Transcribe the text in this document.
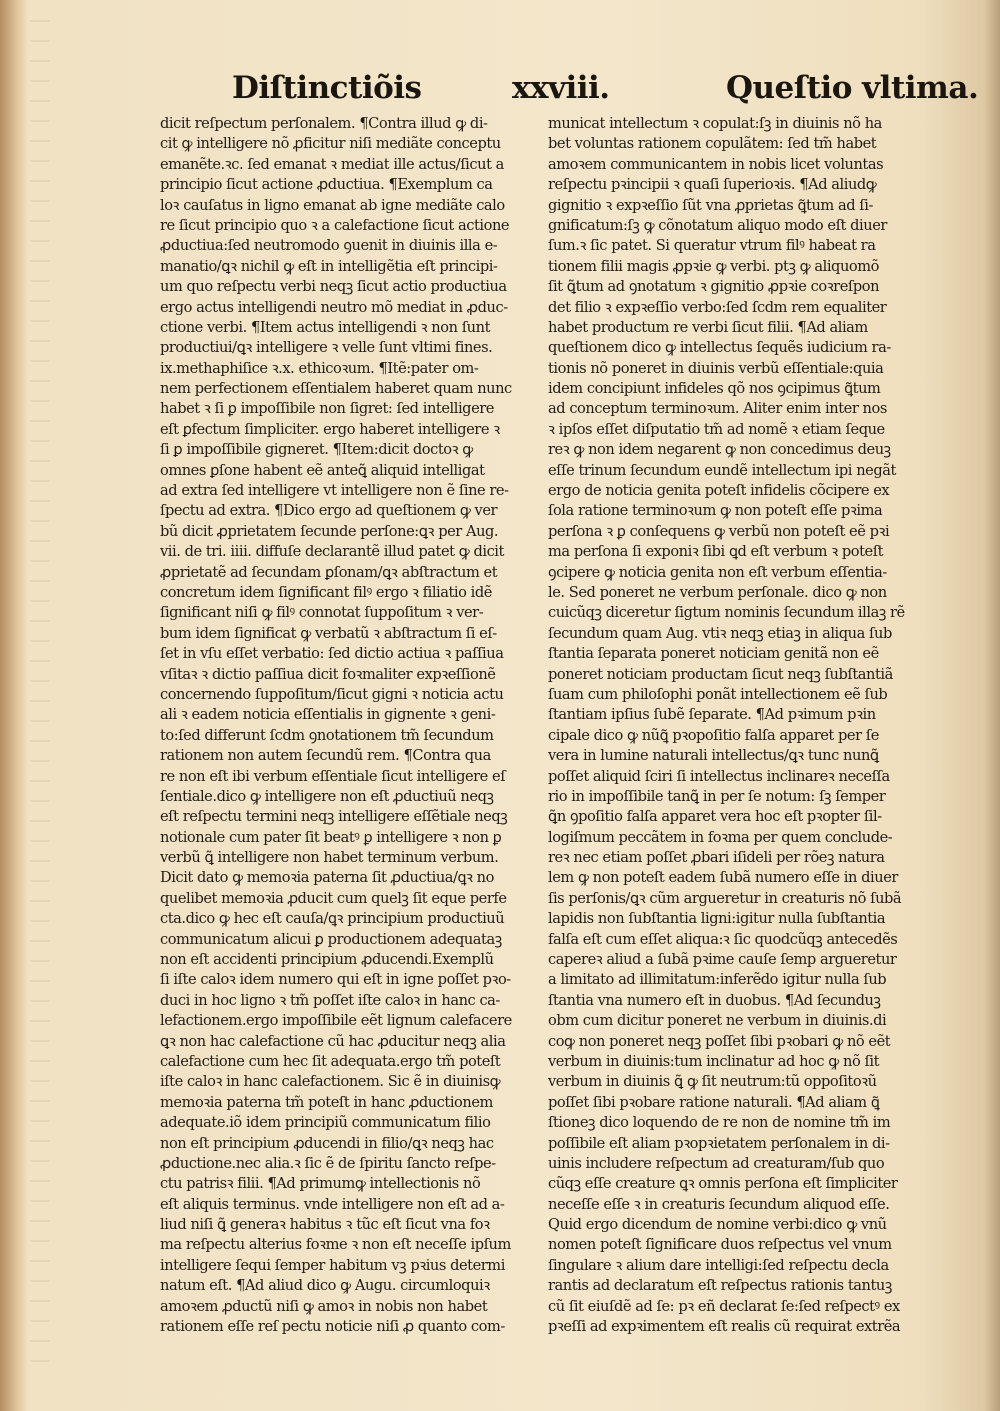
Diſtinctiõis	xxviii.	Queſtio vltima.
dicit reſpectum perſonalem. ¶Contra illud ꝙ di-
cit ꝙ intelligere nõ ꝓficitur niſi mediãte conceptu
emanẽte.ꝛc. ſed emanat ꝛ mediat ille actus/ſicut a
principio ſicut actione ꝓductiua. ¶Exemplum ca
loꝛ cauſatus in ligno emanat ab igne mediãte calo
re ſicut principio quo ꝛ a calefactione ſicut actione
ꝓductiua:ſed neutromodo ꝯuenit in diuinis illa e-
manatio/ꝗꝛ nichil ꝙ eſt in intelligẽtia eſt principi-
um quo reſpectu verbi neqꝫ ſicut actio productiua
ergo actus intelligendi neutro mõ mediat in ꝓduc-
ctione verbi. ¶Item actus intelligendi ꝛ non ſunt
productiui/ꝗꝛ intelligere ꝛ velle ſunt vltimi fines.
ix.methaphiſice ꝛ.x. ethicoꝛum. ¶Itẽ:pater om-
nem perfectionem eſſentialem haberet quam nunc
habet ꝛ ſi ꝑ impoſſibile non ſigret: ſed intelligere
eſt ꝑfectum ſimpliciter. ergo haberet intelligere ꝛ
ſi ꝑ impoſſibile gigneret. ¶Item:dicit doctoꝛ ꝙ
omnes ꝑſone habent eẽ anteꝗ̃ aliquid intelligat
ad extra ſed intelligere vt intelligere non ẽ ſine re-
ſpectu ad extra. ¶Dico ergo ad queſtionem ꝙ ver
bũ dicit ꝓprietatem ſecunde perſone:ꝗꝛ per Aug.
vii. de tri. iiii. diffuſe declarantẽ illud patet ꝙ dicit
ꝓprietatẽ ad ſecundam ꝑſonam/ꝗꝛ abſtractum et
concretum idem ſignificant filꝰ ergo ꝛ filiatio idẽ
ſignificant niſi ꝙ filꝰ connotat ſuppoſitum ꝛ ver-
bum idem ſignificat ꝙ verbatũ ꝛ abſtractum ſi eſ-
ſet in vſu eſſet verbatio: ſed dictio actiua ꝛ paſſiua
vſitaꝛ ꝛ dictio paſſiua dicit foꝛmaliter expꝛeſſionẽ
concernendo ſuppoſitum/ſicut gigni ꝛ noticia actu
ali ꝛ eadem noticia eſſentialis in gignente ꝛ geni-
to:ſed differunt ſcdm ꝯnotationem tm̃ ſecundum
rationem non autem ſecundũ rem. ¶Contra qua
re non eſt ibi verbum eſſentiale ſicut intelligere eſ
ſentiale.dico ꝙ intelligere non eſt ꝓductiuũ neqꝫ
eſt reſpectu termini neqꝫ intelligere eſſẽtiale neqꝫ
notionale cum pater ſit beatꝰ ꝑ intelligere ꝛ non ꝑ
verbũ ꝗ̃ intelligere non habet terminum verbum.
Dicit dato ꝙ memoꝛia paterna ſit ꝓductiua/ꝗꝛ no
quelibet memoꝛia ꝓducit cum quelꝫ ſit eque perfe
cta.dico ꝙ hec eſt cauſa/ꝗꝛ principium productiuũ
communicatum alicui ꝑ productionem adequataꝫ
non eſt accidenti principium ꝓducendi.Exemplũ
ſi iſte caloꝛ idem numero qui eſt in igne poſſet pꝛo-
duci in hoc ligno ꝛ tm̃ poſſet iſte caloꝛ in hanc ca-
lefactionem.ergo impoſſibile eẽt lignum calefacere
ꝗꝛ non hac calefactione cũ hac ꝓducitur neqꝫ alia
calefactione cum hec ſit adequata.ergo tm̃ poteſt
iſte caloꝛ in hanc calefactionem. Sic ẽ in diuinisꝙ
memoꝛia paterna tm̃ poteſt in hanc ꝓductionem
adequate.iõ idem principiũ communicatum filio
non eſt principium ꝓducendi in filio/ꝗꝛ neqꝫ hac
ꝓductione.nec alia.ꝛ ſic ẽ de ſpiritu ſancto reſpe-
ctu patrisꝛ filii. ¶Ad primumꝙ intellectionis nõ
eſt aliquis terminus. vnde intelligere non eſt ad a-
liud niſi ꝗ̃ generaꝛ habitus ꝛ tũc eſt ſicut vna foꝛ
ma reſpectu alterius foꝛme ꝛ non eſt neceſſe ipſum
intelligere ſequi ſemper habitum vꝫ pꝛius determi
natum eſt. ¶Ad aliud dico ꝙ Augu. circumloquiꝛ
amoꝛem ꝓductũ niſi ꝙ amoꝛ in nobis non habet
rationem eſſe reſ pectu noticie niſi ꝓ quanto com-
municat intellectum ꝛ copulat:ſꝫ in diuinis nõ ha
bet voluntas rationem copulãtem: ſed tm̃ habet
amoꝛem communicantem in nobis licet voluntas
reſpectu pꝛincipii ꝛ quaſi ſuperioꝛis. ¶Ad aliudꝙ
gignitio ꝛ expꝛeſſio ſũt vna ꝓprietas ꝗ̃tum ad ſi-
gnificatum:ſꝫ ꝙ cõnotatum aliquo modo eſt diuer
ſum.ꝛ ſic patet. Si queratur vtrum filꝰ habeat ra
tionem filii magis ꝓpꝛie ꝙ verbi. ptꝫ ꝙ aliquomõ
ſit ꝗ̃tum ad ꝯnotatum ꝛ gignitio ꝓpꝛie coꝛreſpon
det filio ꝛ expꝛeſſio verbo:ſed ſcdm rem equaliter
habet productum re verbi ſicut filii. ¶Ad aliam
queſtionem dico ꝙ intellectus ſequẽs iudicium ra-
tionis nõ poneret in diuinis verbũ eſſentiale:quia
idem concipiunt infideles qõ nos ꝯcipimus ꝗ̃tum
ad conceptum terminoꝛum. Aliter enim inter nos
ꝛ ipſos eſſet diſputatio tm̃ ad nomẽ ꝛ etiam ſeque
reꝛ ꝙ non idem negarent ꝙ non concedimus deuꝫ
eſſe trinum ſecundum eundẽ intellectum ipi negãt
ergo de noticia genita poteſt infidelis cõcipere ex
ſola ratione terminoꝛum ꝙ non poteſt eſſe pꝛima
perſona ꝛ ꝑ conſequens ꝙ verbũ non poteſt eẽ pꝛi
ma perſona ſi exponiꝛ ſibi ꝗd eſt verbum ꝛ poteſt
ꝯcipere ꝙ noticia genita non eſt verbum eſſentia-
le. Sed poneret ne verbum perſonale. dico ꝙ non
cuicũqꝫ diceretur ſigtum nominis ſecundum illaꝫ rẽ
ſecundum quam Aug. vtiꝛ neqꝫ etiaꝫ in aliqua ſub
ſtantia ſeparata poneret noticiam genitã non eẽ
poneret noticiam productam ſicut neqꝫ ſubſtantiã
ſuam cum philoſophi ponãt intellectionem eẽ ſub
ſtantiam ipſius ſubẽ ſeparate. ¶Ad pꝛimum pꝛin
cipale dico ꝙ nũꝗ̃ pꝛopoſitio falſa apparet per ſe
vera in lumine naturali intellectus/ꝗꝛ tunc nunꝗ̃
poſſet aliquid ſciri ſi intellectus inclinareꝛ neceſſa
rio in impoſſibile tanꝗ̃ in per ſe notum: ſꝫ ſemper
ꝗ̃n ꝯpoſitio falſa apparet vera hoc eſt pꝛopter ſil-
logiſmum peccãtem in foꝛma per quem conclude-
reꝛ nec etiam poſſet ꝓbari iſideli per rõeꝫ natura
lem ꝙ non poteſt eadem ſubã numero eſſe in diuer
ſis perſonis/ꝗꝛ cũm argueretur in creaturis nõ ſubã
lapidis non ſubſtantia ligni:igitur nulla ſubſtantia
falſa eſt cum eſſet aliqua:ꝛ ſic quodcũqꝫ antecedẽs
capereꝛ aliud a ſubã pꝛime cauſe ſemp argueretur
a limitato ad illimitatum:inferẽdo igitur nulla ſub
ſtantia vna numero eſt in duobus. ¶Ad ſecunduꝫ
obm cum dicitur poneret ne verbum in diuinis.di
coꝙ non poneret neqꝫ poſſet ſibi pꝛobari ꝙ nõ eẽt
verbum in diuinis:tum inclinatur ad hoc ꝙ nõ ſit
verbum in diuinis ꝗ̃ ꝙ ſit neutrum:tũ oppoſitoꝛũ
poſſet ſibi pꝛobare ratione naturali. ¶Ad aliam ꝗ̃
ſtioneꝫ dico loquendo de re non de nomine tm̃ im
poſſibile eſt aliam pꝛopꝛietatem perſonalem in di-
uinis includere reſpectum ad creaturam/ſub quo
cũqꝫ eſſe creature ꝗꝛ omnis perſona eſt ſimpliciter
neceſſe eſſe ꝛ in creaturis ſecundum aliquod eſſe.
Quid ergo dicendum de nomine verbi:dico ꝙ vnũ
nomen poteſt ſignificare duos reſpectus vel vnum
ſingulare ꝛ alium dare intelligi:ſed reſpectu decla
rantis ad declaratum eſt reſpectus rationis tantuꝫ
cũ ſit eiuſdẽ ad ſe: pꝛ eñ declarat ſe:ſed reſpectꝰ ex
pꝛeſſi ad expꝛimentem eſt realis cũ requirat extrẽa
